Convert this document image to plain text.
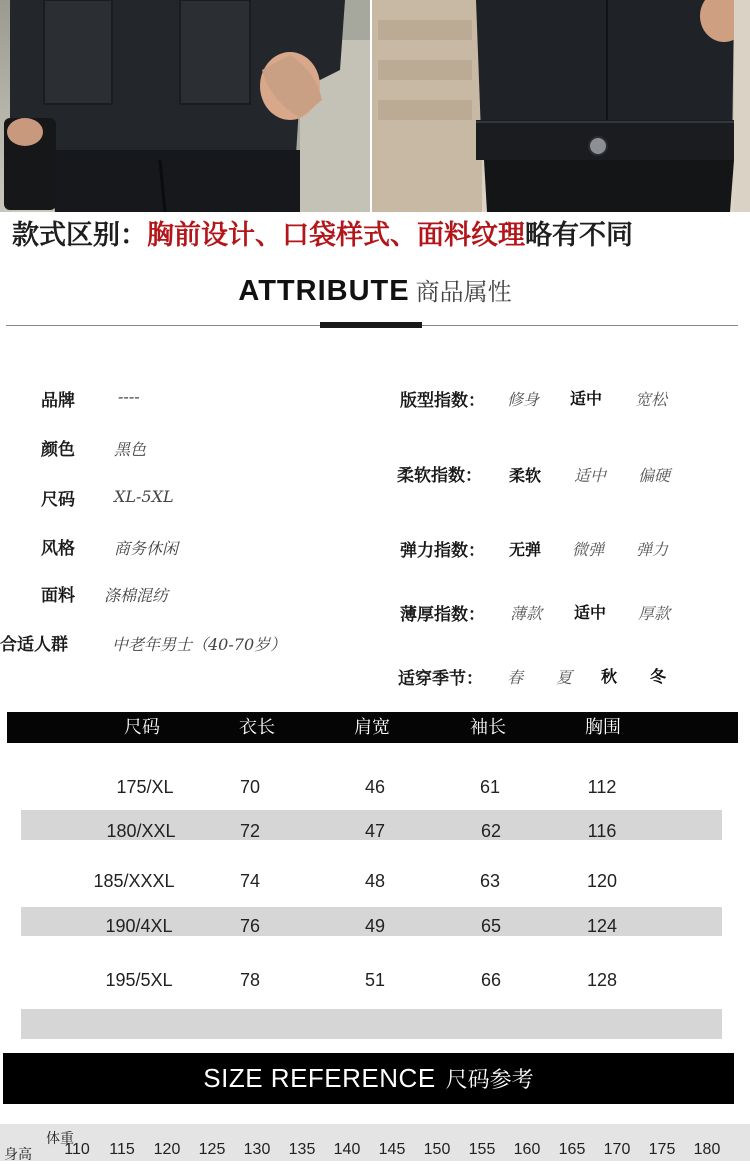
款式区别：胸前设计、口袋样式、面料纹理略有不同
ATTRIBUTE 商品属性
品牌	----
颜色 黑色
尺码 XL-5XL
风格 商务休闲
面料 涤棉混纺
合适人群	中老年男士（40-70岁）
版型指数： 修身 适中 宽松
柔软指数： 柔软 适中 偏硬
弹力指数： 无弹 微弹 弹力
薄厚指数： 薄款 适中 厚款
适穿季节： 春 夏 秋 冬
尺码	衣长	肩宽	袖长	胸围
175/XL	70	46	61	112
180/XXL	72	47	62	116
185/XXXL	74	48	63	120
190/4XL	76	49	65	124
195/5XL	78	51	66	128
SIZE REFERENCE 尺码参考
体重
身高	110	115	120	125	130	135	140	145	150	155	160	165	170	175	180
